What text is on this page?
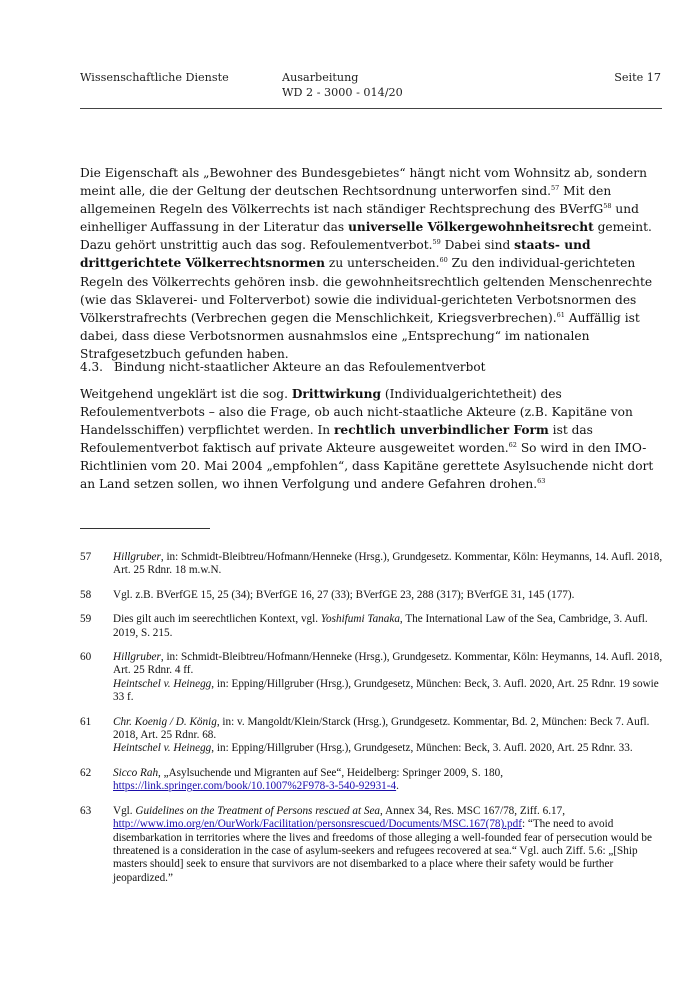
Wissenschaftliche Dienste	Ausarbeitung
WD 2 - 3000 - 014/20
Seite 17

Die Eigenschaft als „Bewohner des Bundesgebietes“ hängt nicht vom Wohnsitz ab, sondern meint alle, die der Geltung der deutschen Rechtsordnung unterworfen sind.$^{57}$ Mit den allgemeinen Regeln des Völkerrechts ist nach ständiger Rechtsprechung des BVerfG$^{58}$ und einhelliger Auffassung in der Literatur das universelle Völkergewohnheitsrecht gemeint. Dazu gehört unstrittig auch das sog. Refoulementverbot.$^{59}$ Dabei sind staats- und drittgerichtete Völkerrechtsnormen zu unterscheiden.$^{60}$ Zu den individual-gerichteten Regeln des Völkerrechts gehören insb. die gewohnheitsrechtlich geltenden Menschenrechte (wie das Sklaverei- und Folterverbot) sowie die individual-gerichteten Verbotsnormen des Völkerstrafrechts (Verbrechen gegen die Menschlichkeit, Kriegsverbrechen).$^{61}$ Auffällig ist dabei, dass diese Verbotsnormen ausnahmslos eine „Entsprechung“ im nationalen Strafgesetzbuch gefunden haben.

4.3. Bindung nicht-staatlicher Akteure an das Refoulementverbot

Weitgehend ungeklärt ist die sog. Drittwirkung (Individualgerichtetheit) des Refoulementverbots – also die Frage, ob auch nicht-staatliche Akteure (z.B. Kapitäne von Handelsschiffen) verpflichtet werden. In rechtlich unverbindlicher Form ist das Refoulementverbot faktisch auf private Akteure ausgeweitet worden.$^{62}$ So wird in den IMO-Richtlinien vom 20. Mai 2004 „empfohlen“, dass Kapitäne gerettete Asylsuchende nicht dort an Land setzen sollen, wo ihnen Verfolgung und andere Gefahren drohen.$^{63}$

57 Hillgruber, in: Schmidt-Bleibtreu/Hofmann/Henneke (Hrsg.), Grundgesetz. Kommentar, Köln: Heymanns, 14. Aufl. 2018, Art. 25 Rdnr. 18 m.w.N.
58 Vgl. z.B. BVerfGE 15, 25 (34); BVerfGE 16, 27 (33); BVerfGE 23, 288 (317); BVerfGE 31, 145 (177).
59 Dies gilt auch im seerechtlichen Kontext, vgl. Yoshifumi Tanaka, The International Law of the Sea, Cambridge, 3. Aufl. 2019, S. 215.
60 Hillgruber, in: Schmidt-Bleibtreu/Hofmann/Henneke (Hrsg.), Grundgesetz. Kommentar, Köln: Heymanns, 14. Aufl. 2018, Art. 25 Rdnr. 4 ff.
Heintschel v. Heinegg, in: Epping/Hillgruber (Hrsg.), Grundgesetz, München: Beck, 3. Aufl. 2020, Art. 25 Rdnr. 19 sowie 33 f.
61 Chr. Koenig / D. König, in: v. Mangoldt/Klein/Starck (Hrsg.), Grundgesetz. Kommentar, Bd. 2, München: Beck 7. Aufl. 2018, Art. 25 Rdnr. 68.
Heintschel v. Heinegg, in: Epping/Hillgruber (Hrsg.), Grundgesetz, München: Beck, 3. Aufl. 2020, Art. 25 Rdnr. 33.
62 Sicco Rah, „Asylsuchende und Migranten auf See“, Heidelberg: Springer 2009, S. 180,
https://link.springer.com/book/10.1007%2F978-3-540-92931-4.
63 Vgl. Guidelines on the Treatment of Persons rescued at Sea, Annex 34, Res. MSC 167/78, Ziff. 6.17,
http://www.imo.org/en/OurWork/Facilitation/personsrescued/Documents/MSC.167(78).pdf: “The need to avoid disembarkation in territories where the lives and freedoms of those alleging a well-founded fear of persecution would be threatened is a consideration in the case of asylum-seekers and refugees recovered at sea.“ Vgl. auch Ziff. 5.6: „[Ship masters should] seek to ensure that survivors are not disembarked to a place where their safety would be further jeopardized.”
